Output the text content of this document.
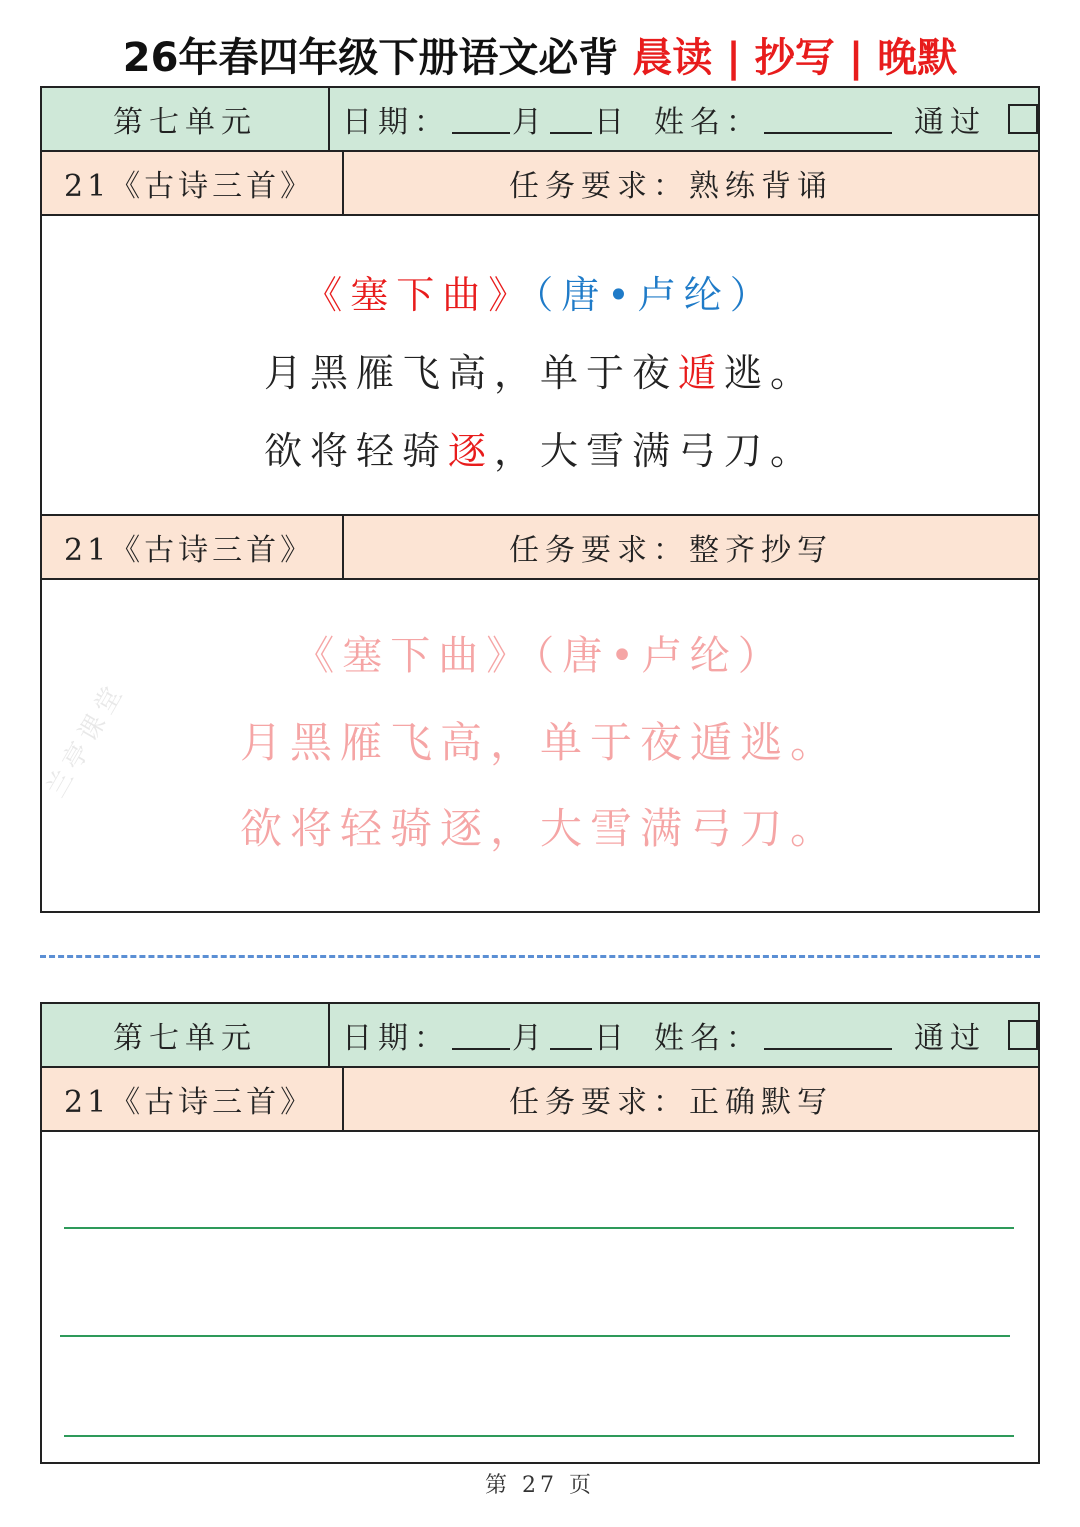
26年春四年级下册语文必背 晨读 | 抄写 | 晚默
第七单元	日期： 月 日 姓名：	通过
21《古诗三首》	任务要求：熟练背诵
《塞下曲》（唐•卢纶）
月黑雁飞高，单于夜遁逃。
欲将轻骑逐，大雪满弓刀。
21《古诗三首》	任务要求：整齐抄写
《塞下曲》（唐•卢纶）
月黑雁飞高，单于夜遁逃。
欲将轻骑逐，大雪满弓刀。
兰亭课堂
第七单元	日期： 月 日 姓名：	通过
21《古诗三首》	任务要求：正确默写
第 27 页
